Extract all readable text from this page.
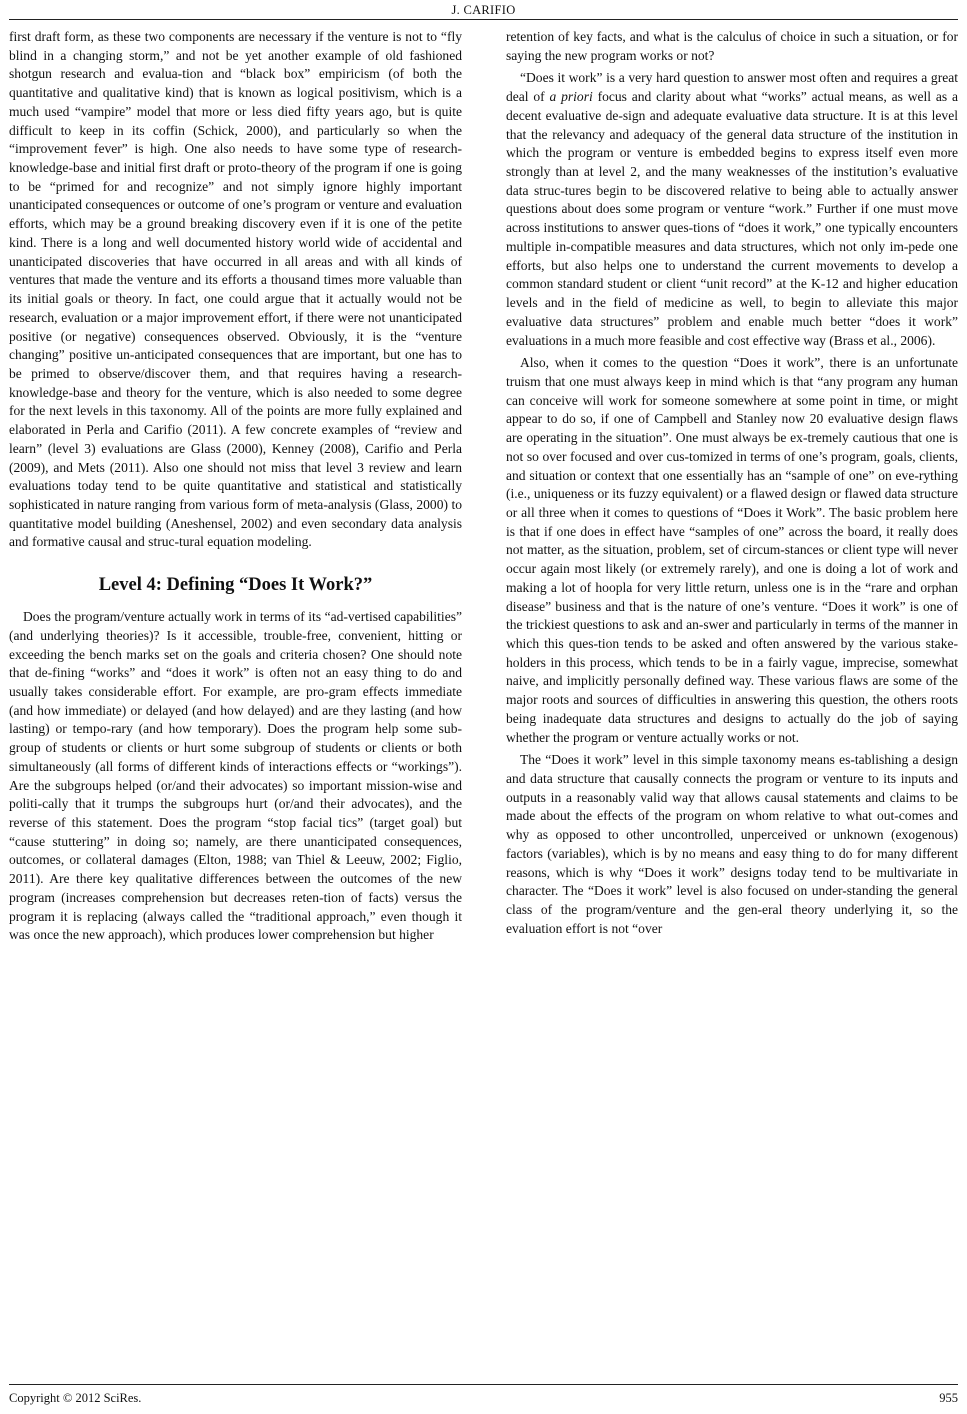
J. CARIFIO

first draft form, as these two components are necessary if the venture is not to “fly blind in a changing storm,” and not be yet another example of old fashioned shotgun research and evalua-tion and “black box” empiricism (of both the quantitative and qualitative kind) that is known as logical positivism, which is a much used “vampire” model that more or less died fifty years ago, but is quite difficult to keep in its coffin (Schick, 2000), and particularly so when the “improvement fever” is high. One also needs to have some type of research-knowledge-base and initial first draft or proto-theory of the program if one is going to be “primed for and recognize” and not simply ignore highly important unanticipated consequences or outcome of one’s program or venture and evaluation efforts, which may be a ground breaking discovery even if it is one of the petite kind. There is a long and well documented history world wide of accidental and unanticipated discoveries that have occurred in all areas and with all kinds of ventures that made the venture and its efforts a thousand times more valuable than its initial goals or theory. In fact, one could argue that it actually would not be research, evaluation or a major improvement effort, if there were not unanticipated positive (or negative) consequences observed. Obviously, it is the “venture changing” positive un-anticipated consequences that are important, but one has to be primed to observe/discover them, and that requires having a research-knowledge-base and theory for the venture, which is also needed to some degree for the next levels in this taxonomy. All of the points are more fully explained and elaborated in Perla and Carifio (2011). A few concrete examples of “review and learn” (level 3) evaluations are Glass (2000), Kenney (2008), Carifio and Perla (2009), and Mets (2011). Also one should not miss that level 3 review and learn evaluations today tend to be quite quantitative and statistical and statistically sophisticated in nature ranging from various form of meta-analysis (Glass, 2000) to quantitative model building (Aneshensel, 2002) and even secondary data analysis and formative causal and struc-tural equation modeling.

Level 4: Defining “Does It Work?”

Does the program/venture actually work in terms of its “ad-vertised capabilities” (and underlying theories)? Is it accessible, trouble-free, convenient, hitting or exceeding the bench marks set on the goals and criteria chosen? One should note that de-fining “works” and “does it work” is often not an easy thing to do and usually takes considerable effort. For example, are pro-gram effects immediate (and how immediate) or delayed (and how delayed) and are they lasting (and how lasting) or tempo-rary (and how temporary). Does the program help some sub-group of students or clients or hurt some subgroup of students or clients or both simultaneously (all forms of different kinds of interactions effects or “workings”). Are the subgroups helped (or/and their advocates) so important mission-wise and politi-cally that it trumps the subgroups hurt (or/and their advocates), and the reverse of this statement. Does the program “stop facial tics” (target goal) but “cause stuttering” in doing so; namely, are there unanticipated consequences, outcomes, or collateral damages (Elton, 1988; van Thiel & Leeuw, 2002; Figlio, 2011). Are there key qualitative differences between the outcomes of the new program (increases comprehension but decreases reten-tion of facts) versus the program it is replacing (always called the “traditional approach,” even though it was once the new approach), which produces lower comprehension but higher

retention of key facts, and what is the calculus of choice in such a situation, or for saying the new program works or not?

“Does it work” is a very hard question to answer most often and requires a great deal of a priori focus and clarity about what “works” actual means, as well as a decent evaluative de-sign and adequate evaluative data structure. It is at this level that the relevancy and adequacy of the general data structure of the institution in which the program or venture is embedded begins to express itself even more strongly than at level 2, and the many weaknesses of the institution’s evaluative data struc-tures begin to be discovered relative to being able to actually answer questions about does some program or venture “work.” Further if one must move across institutions to answer ques-tions of “does it work,” one typically encounters multiple in-compatible measures and data structures, which not only im-pede one efforts, but also helps one to understand the current movements to develop a common standard student or client “unit record” at the K-12 and higher education levels and in the field of medicine as well, to begin to alleviate this major evaluative data structures” problem and enable much better “does it work” evaluations in a much more feasible and cost effective way (Brass et al., 2006).

Also, when it comes to the question “Does it work”, there is an unfortunate truism that one must always keep in mind which is that “any program any human can conceive will work for someone somewhere at some point in time, or might appear to do so, if one of Campbell and Stanley now 20 evaluative design flaws are operating in the situation”. One must always be ex-tremely cautious that one is not so over focused and over cus-tomized in terms of one’s program, goals, clients, and situation or context that one essentially has an “sample of one” on eve-rything (i.e., uniqueness or its fuzzy equivalent) or a flawed design or flawed data structure or all three when it comes to questions of “Does it Work”. The basic problem here is that if one does in effect have “samples of one” across the board, it really does not matter, as the situation, problem, set of circum-stances or client type will never occur again most likely (or extremely rarely), and one is doing a lot of work and making a lot of hoopla for very little return, unless one is in the “rare and orphan disease” business and that is the nature of one’s venture. “Does it work” is one of the trickiest questions to ask and an-swer and particularly in terms of the manner in which this ques-tion tends to be asked and often answered by the various stake-holders in this process, which tends to be in a fairly vague, imprecise, somewhat naive, and implicitly personally defined way. These various flaws are some of the major roots and sources of difficulties in answering this question, the others roots being inadequate data structures and designs to actually do the job of saying whether the program or venture actually works or not.

The “Does it work” level in this simple taxonomy means es-tablishing a design and data structure that causally connects the program or venture to its inputs and outputs in a reasonably valid way that allows causal statements and claims to be made about the effects of the program on whom relative to what out-comes and why as opposed to other uncontrolled, unperceived or unknown (exogenous) factors (variables), which is by no means and easy thing to do for many different reasons, which is why “Does it work” designs today tend to be multivariate in character. The “Does it work” level is also focused on under-standing the general class of the program/venture and the gen-eral theory underlying it, so the evaluation effort is not “over

Copyright © 2012 SciRes.	955
